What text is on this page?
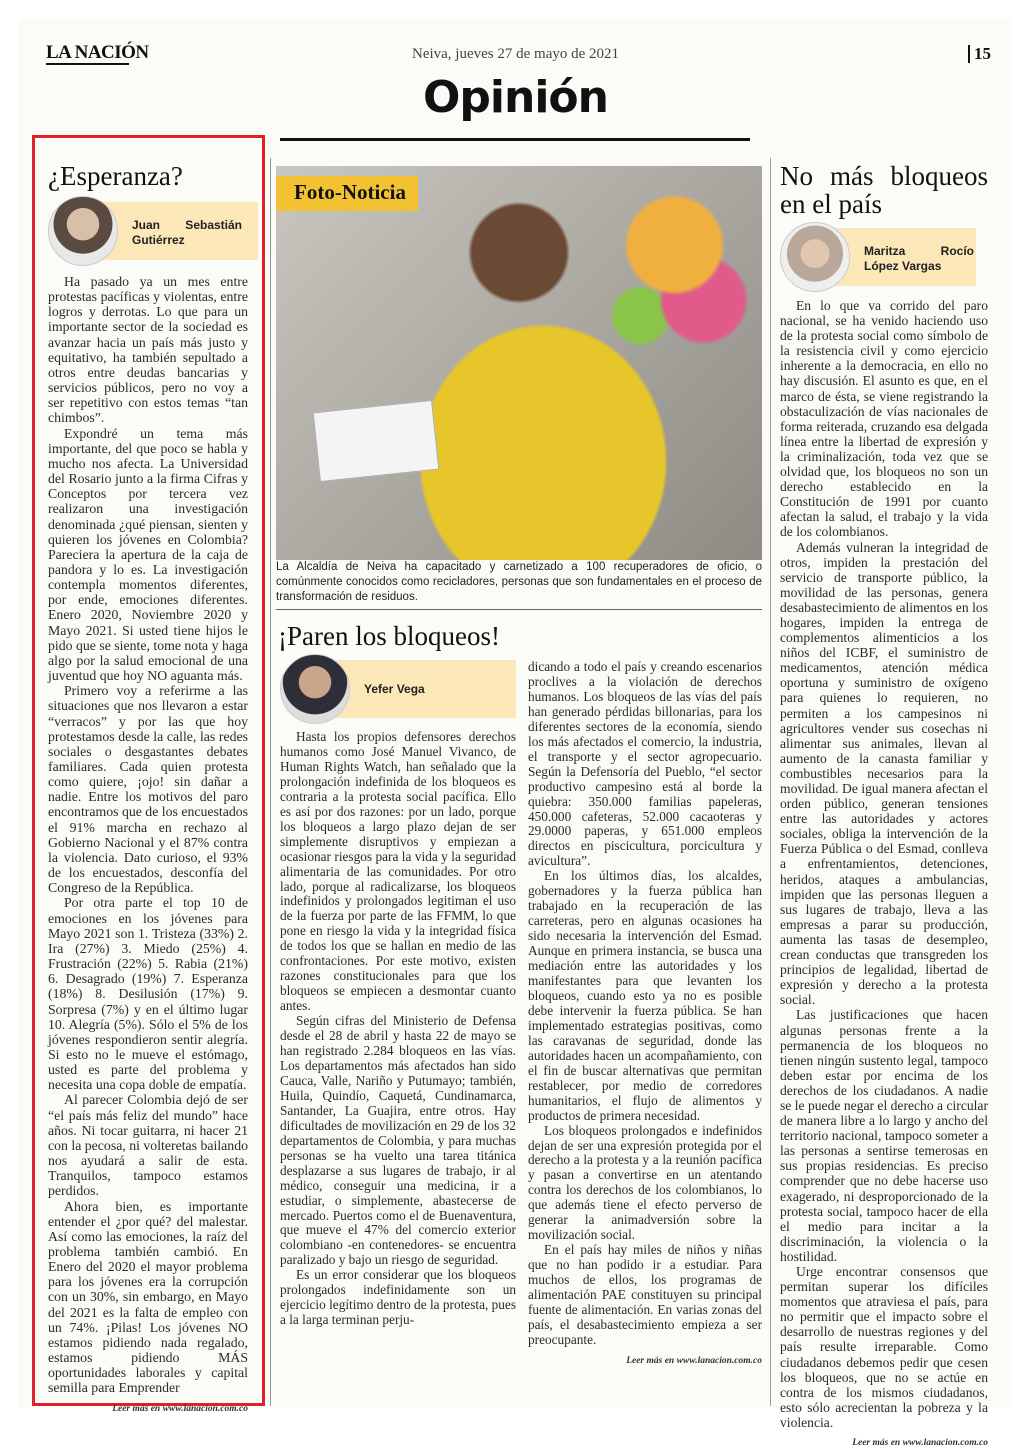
LA NACIÓN	Neiva, jueves 27 de mayo de 2021	15
Opinión
¿Esperanza?
Juan Sebastián Gutiérrez

Ha pasado ya un mes entre protestas pacíficas y violentas, entre logros y derrotas. Lo que para un importante sector de la sociedad es avanzar hacia un país más justo y equitativo, ha también sepultado a otros entre deudas bancarias y servicios públicos, pero no voy a ser repetitivo con estos temas “tan chimbos”.

Expondré un tema más importante, del que poco se habla y mucho nos afecta. La Universidad del Rosario junto a la firma Cifras y Conceptos por tercera vez realizaron una investigación denominada ¿qué piensan, sienten y quieren los jóvenes en Colombia? Pareciera la apertura de la caja de pandora y lo es. La investigación contempla momentos diferentes, por ende, emociones diferentes. Enero 2020, Noviembre 2020 y Mayo 2021. Si usted tiene hijos le pido que se siente, tome nota y haga algo por la salud emocional de una juventud que hoy NO aguanta más.

Primero voy a referirme a las situaciones que nos llevaron a estar “verracos” y por las que hoy protestamos desde la calle, las redes sociales o desgastantes debates familiares. Cada quien protesta como quiere, ¡ojo! sin dañar a nadie. Entre los motivos del paro encontramos que de los encuestados el 91% marcha en rechazo al Gobierno Nacional y el 87% contra la violencia. Dato curioso, el 93% de los encuestados, desconfía del Congreso de la República.

Por otra parte el top 10 de emociones en los jóvenes para Mayo 2021 son 1. Tristeza (33%) 2. Ira (27%) 3. Miedo (25%) 4. Frustración (22%) 5. Rabia (21%) 6. Desagrado (19%) 7. Esperanza (18%) 8. Desilusión (17%) 9. Sorpresa (7%) y en el último lugar 10. Alegría (5%). Sólo el 5% de los jóvenes respondieron sentir alegría. Si esto no le mueve el estómago, usted es parte del problema y necesita una copa doble de empatía.

Al parecer Colombia dejó de ser “el país más feliz del mundo” hace años. Ni tocar guitarra, ni hacer 21 con la pecosa, ni volteretas bailando nos ayudará a salir de esta. Tranquilos, tampoco estamos perdidos.

Ahora bien, es importante entender el ¿por qué? del malestar. Así como las emociones, la raíz del problema también cambió. En Enero del 2020 el mayor problema para los jóvenes era la corrupción con un 30%, sin embargo, en Mayo del 2021 es la falta de empleo con un 74%. ¡Pilas! Los jóvenes NO estamos pidiendo nada regalado, estamos pidiendo MÁS oportunidades laborales y capital semilla para Emprender

Leer más en www.lanacion.com.co
Foto-Noticia
La Alcaldía de Neiva ha capacitado y carnetizado a 100 recuperadores de oficio, o comúnmente conocidos como recicladores, personas que son fundamentales en el proceso de transformación de residuos.
¡Paren los bloqueos!
Yefer Vega

Hasta los propios defensores derechos humanos como José Manuel Vivanco, de Human Rights Watch, han señalado que la prolongación indefinida de los bloqueos es contraria a la protesta social pacífica. Ello es así por dos razones: por un lado, porque los bloqueos a largo plazo dejan de ser simplemente disruptivos y empiezan a ocasionar riesgos para la vida y la seguridad alimentaria de las comunidades. Por otro lado, porque al radicalizarse, los bloqueos indefinidos y prolongados legitiman el uso de la fuerza por parte de las FFMM, lo que pone en riesgo la vida y la integridad física de todos los que se hallan en medio de las confrontaciones. Por este motivo, existen razones constitucionales para que los bloqueos se empiecen a desmontar cuanto antes.

Según cifras del Ministerio de Defensa desde el 28 de abril y hasta 22 de mayo se han registrado 2.284 bloqueos en las vías. Los departamentos más afectados han sido Cauca, Valle, Nariño y Putumayo; también, Huila, Quindío, Caquetá, Cundinamarca, Santander, La Guajira, entre otros. Hay dificultades de movilización en 29 de los 32 departamentos de Colombia, y para muchas personas se ha vuelto una tarea titánica desplazarse a sus lugares de trabajo, ir al médico, conseguir una medicina, ir a estudiar, o simplemente, abastecerse de mercado. Puertos como el de Buenaventura, que mueve el 47% del comercio exterior colombiano -en contenedores- se encuentra paralizado y bajo un riesgo de seguridad.

Es un error considerar que los bloqueos prolongados indefinidamente son un ejercicio legítimo dentro de la protesta, pues a la larga terminan perju-

dicando a todo el país y creando escenarios proclives a la violación de derechos humanos. Los bloqueos de las vías del país han generado pérdidas billonarias, para los diferentes sectores de la economía, siendo los más afectados el comercio, la industria, el transporte y el sector agropecuario. Según la Defensoría del Pueblo, “el sector productivo campesino está al borde la quiebra: 350.000 familias papeleras, 450.000 cafeteras, 52.000 cacaoteras y 29.0000 paperas, y 651.000 empleos directos en piscicultura, porcicultura y avicultura”.

En los últimos días, los alcaldes, gobernadores y la fuerza pública han trabajado en la recuperación de las carreteras, pero en algunas ocasiones ha sido necesaria la intervención del Esmad. Aunque en primera instancia, se busca una mediación entre las autoridades y los manifestantes para que levanten los bloqueos, cuando esto ya no es posible debe intervenir la fuerza pública. Se han implementado estrategias positivas, como las caravanas de seguridad, donde las autoridades hacen un acompañamiento, con el fin de buscar alternativas que permitan restablecer, por medio de corredores humanitarios, el flujo de alimentos y productos de primera necesidad.

Los bloqueos prolongados e indefinidos dejan de ser una expresión protegida por el derecho a la protesta y a la reunión pacífica y pasan a convertirse en un atentando contra los derechos de los colombianos, lo que además tiene el efecto perverso de generar la animadversión sobre la movilización social.

En el país hay miles de niños y niñas que no han podido ir a estudiar. Para muchos de ellos, los programas de alimentación PAE constituyen su principal fuente de alimentación. En varias zonas del país, el desabastecimiento empieza a ser preocupante.

Leer más en www.lanacion.com.co
No más bloqueos en el país
Maritza Rocío López Vargas

En lo que va corrido del paro nacional, se ha venido haciendo uso de la protesta social como símbolo de la resistencia civil y como ejercicio inherente a la democracia, en ello no hay discusión. El asunto es que, en el marco de ésta, se viene registrando la obstaculización de vías nacionales de forma reiterada, cruzando esa delgada línea entre la libertad de expresión y la criminalización, toda vez que se olvidad que, los bloqueos no son un derecho establecido en la Constitución de 1991 por cuanto afectan la salud, el trabajo y la vida de los colombianos.

Además vulneran la integridad de otros, impiden la prestación del servicio de transporte público, la movilidad de las personas, genera desabastecimiento de alimentos en los hogares, impiden la entrega de complementos alimenticios a los niños del ICBF, el suministro de medicamentos, atención médica oportuna y suministro de oxígeno para quienes lo requieren, no permiten a los campesinos ni agricultores vender sus cosechas ni alimentar sus animales, llevan al aumento de la canasta familiar y combustibles necesarios para la movilidad. De igual manera afectan el orden público, generan tensiones entre las autoridades y actores sociales, obliga la intervención de la Fuerza Pública o del Esmad, conlleva a enfrentamientos, detenciones, heridos, ataques a ambulancias, impiden que las personas lleguen a sus lugares de trabajo, lleva a las empresas a parar su producción, aumenta las tasas de desempleo, crean conductas que transgreden los principios de legalidad, libertad de expresión y derecho a la protesta social.

Las justificaciones que hacen algunas personas frente a la permanencia de los bloqueos no tienen ningún sustento legal, tampoco deben estar por encima de los derechos de los ciudadanos. A nadie se le puede negar el derecho a circular de manera libre a lo largo y ancho del territorio nacional, tampoco someter a las personas a sentirse temerosas en sus propias residencias. Es preciso comprender que no debe hacerse uso exagerado, ni desproporcionado de la protesta social, tampoco hacer de ella el medio para incitar a la discriminación, la violencia o la hostilidad.

Urge encontrar consensos que permitan superar los difíciles momentos que atraviesa el país, para no permitir que el impacto sobre el desarrollo de nuestras regiones y del país resulte irreparable. Como ciudadanos debemos pedir que cesen los bloqueos, que no se actúe en contra de los mismos ciudadanos, esto sólo acrecientan la pobreza y la violencia.

Leer más en www.lanacion.com.co
